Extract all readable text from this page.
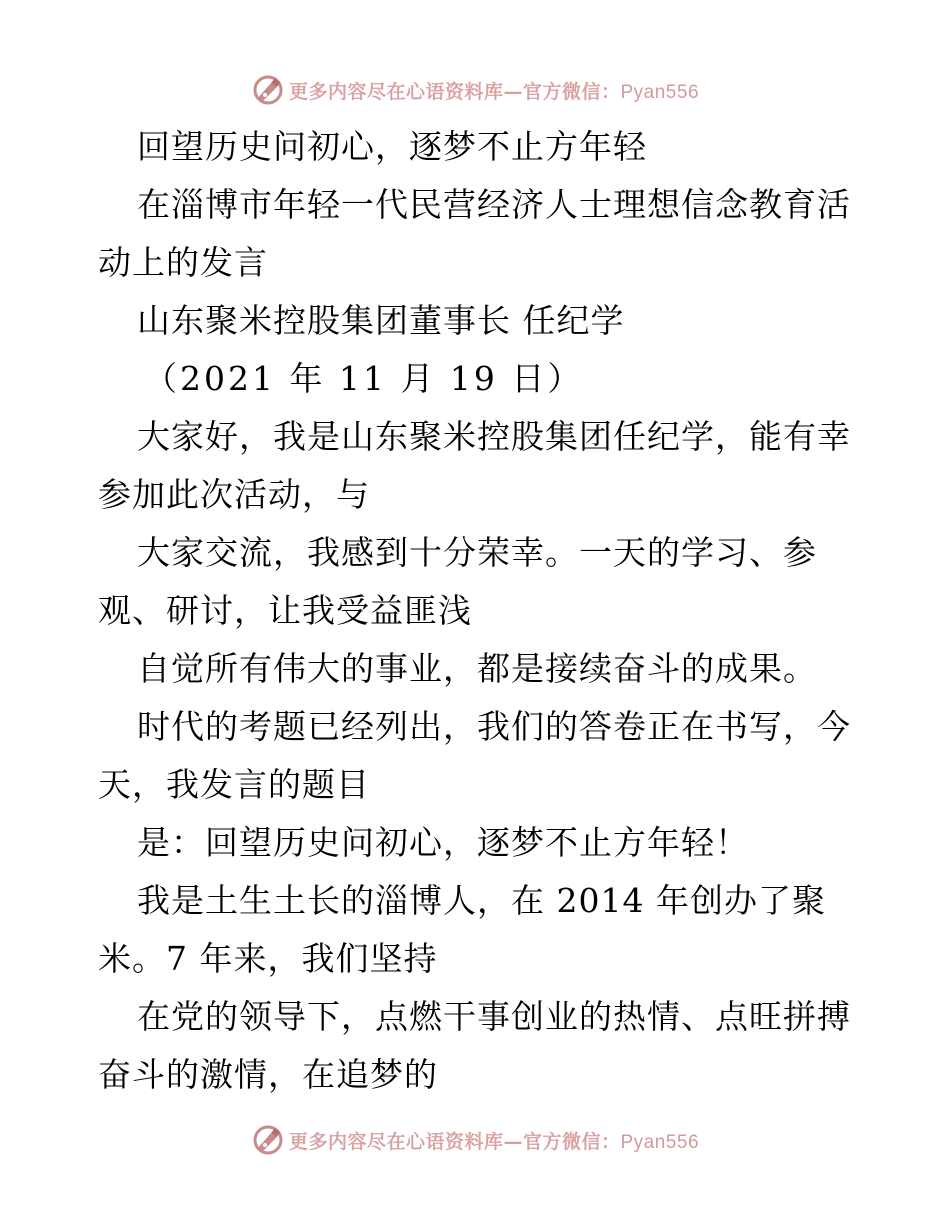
更多内容尽在心语资料库—官方微信：Pyan556
回望历史问初心，逐梦不止方年轻
在淄博市年轻一代民营经济人士理想信念教育活
动上的发言
山东聚米控股集团董事长 任纪学
（2021 年 11 月 19 日）
大家好，我是山东聚米控股集团任纪学，能有幸
参加此次活动，与
大家交流，我感到十分荣幸。一天的学习、参
观、研讨，让我受益匪浅
自觉所有伟大的事业，都是接续奋斗的成果。
时代的考题已经列出，我们的答卷正在书写，今
天，我发言的题目
是：回望历史问初心，逐梦不止方年轻！
我是土生土长的淄博人，在 2014 年创办了聚
米。7 年来，我们坚持
在党的领导下，点燃干事创业的热情、点旺拼搏
奋斗的激情，在追梦的
更多内容尽在心语资料库—官方微信：Pyan556
